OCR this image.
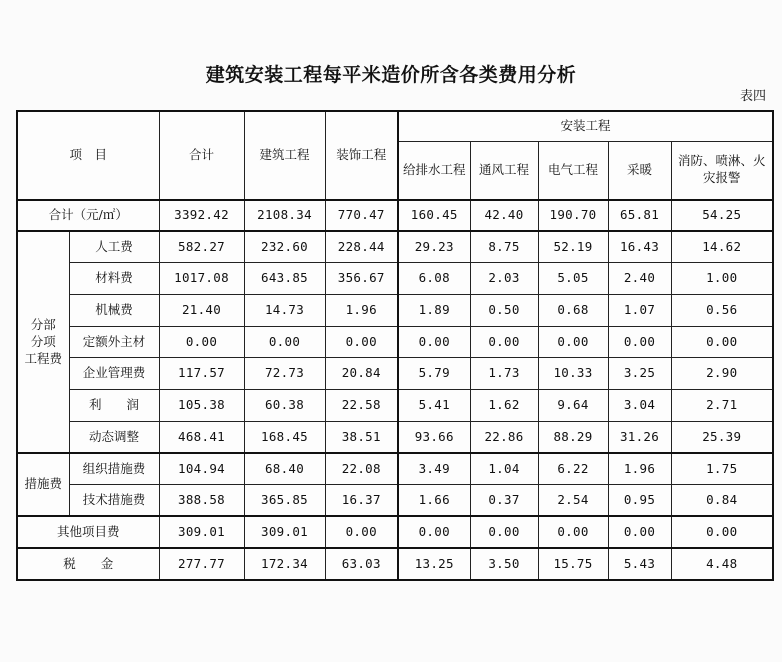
建筑安装工程每平米造价所含各类费用分析
表四
项　目		合计	建筑工程	装饰工程	安装工程				
					给排水工程	通风工程	电气工程	采暖	消防、喷淋、火灾报警
合计（元/㎡）		3392.42	2108.34	770.47	160.45	42.40	190.70	65.81	54.25
分部　分项　工程费	人工费	582.27	232.60	228.44	29.23	8.75	52.19	16.43	14.62
	材料费	1017.08	643.85	356.67	6.08	2.03	5.05	2.40	1.00
	机械费	21.40	14.73	1.96	1.89	0.50	0.68	1.07	0.56
	定额外主材	0.00	0.00	0.00	0.00	0.00	0.00	0.00	0.00
	企业管理费	117.57	72.73	20.84	5.79	1.73	10.33	3.25	2.90
	利　　润	105.38	60.38	22.58	5.41	1.62	9.64	3.04	2.71
	动态调整	468.41	168.45	38.51	93.66	22.86	88.29	31.26	25.39
措施费	组织措施费	104.94	68.40	22.08	3.49	1.04	6.22	1.96	1.75
	技术措施费	388.58	365.85	16.37	1.66	0.37	2.54	0.95	0.84
其他项目费		309.01	309.01	0.00	0.00	0.00	0.00	0.00	0.00
税　　金		277.77	172.34	63.03	13.25	3.50	15.75	5.43	4.48
